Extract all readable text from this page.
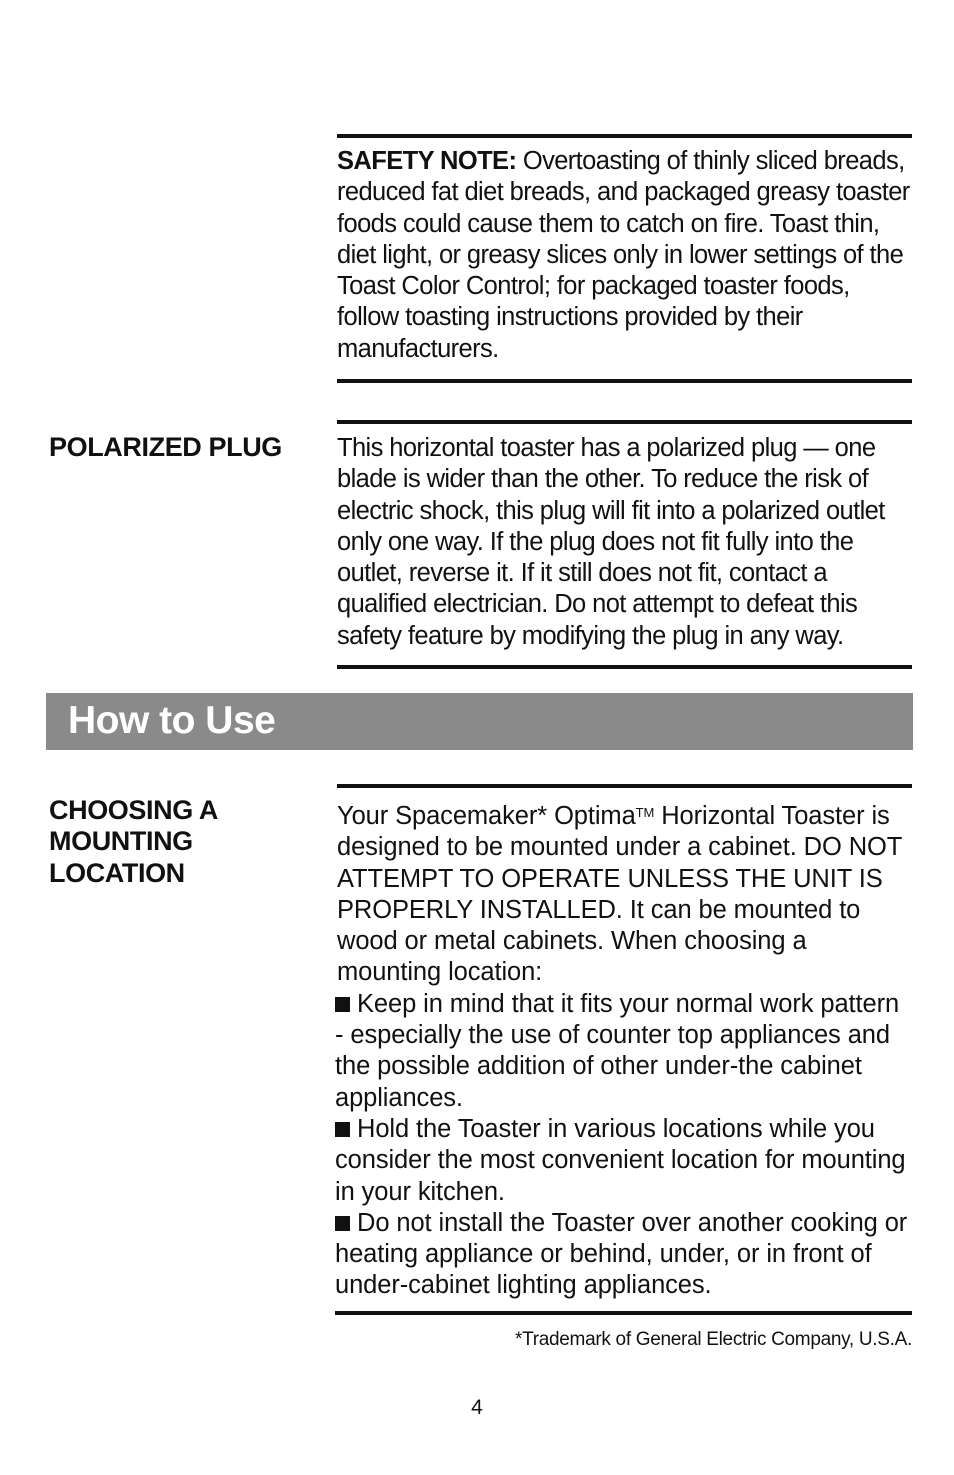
SAFETY NOTE: Overtoasting of thinly sliced breads, reduced fat diet breads, and packaged greasy toaster foods could cause them to catch on fire. Toast thin, diet light, or greasy slices only in lower settings of the Toast Color Control; for packaged toaster foods, follow toasting instructions provided by their manufacturers.
POLARIZED PLUG	This horizontal toaster has a polarized plug — one blade is wider than the other. To reduce the risk of electric shock, this plug will fit into a polarized outlet only one way. If the plug does not fit fully into the outlet, reverse it. If it still does not fit, contact a qualified electrician. Do not attempt to defeat this safety feature by modifying the plug in any way.
How to Use
CHOOSING A
MOUNTING
LOCATION
Your Spacemaker* Optima™ Horizontal Toaster is designed to be mounted under a cabinet. DO NOT ATTEMPT TO OPERATE UNLESS THE UNIT IS PROPERLY INSTALLED. It can be mounted to wood or metal cabinets. When choosing a mounting location:
Keep in mind that it fits your normal work pattern - especially the use of counter top appliances and the possible addition of other under-the cabinet appliances.
Hold the Toaster in various locations while you consider the most convenient location for mounting in your kitchen.
Do not install the Toaster over another cooking or heating appliance or behind, under, or in front of under-cabinet lighting appliances.
*Trademark of General Electric Company, U.S.A.
4
